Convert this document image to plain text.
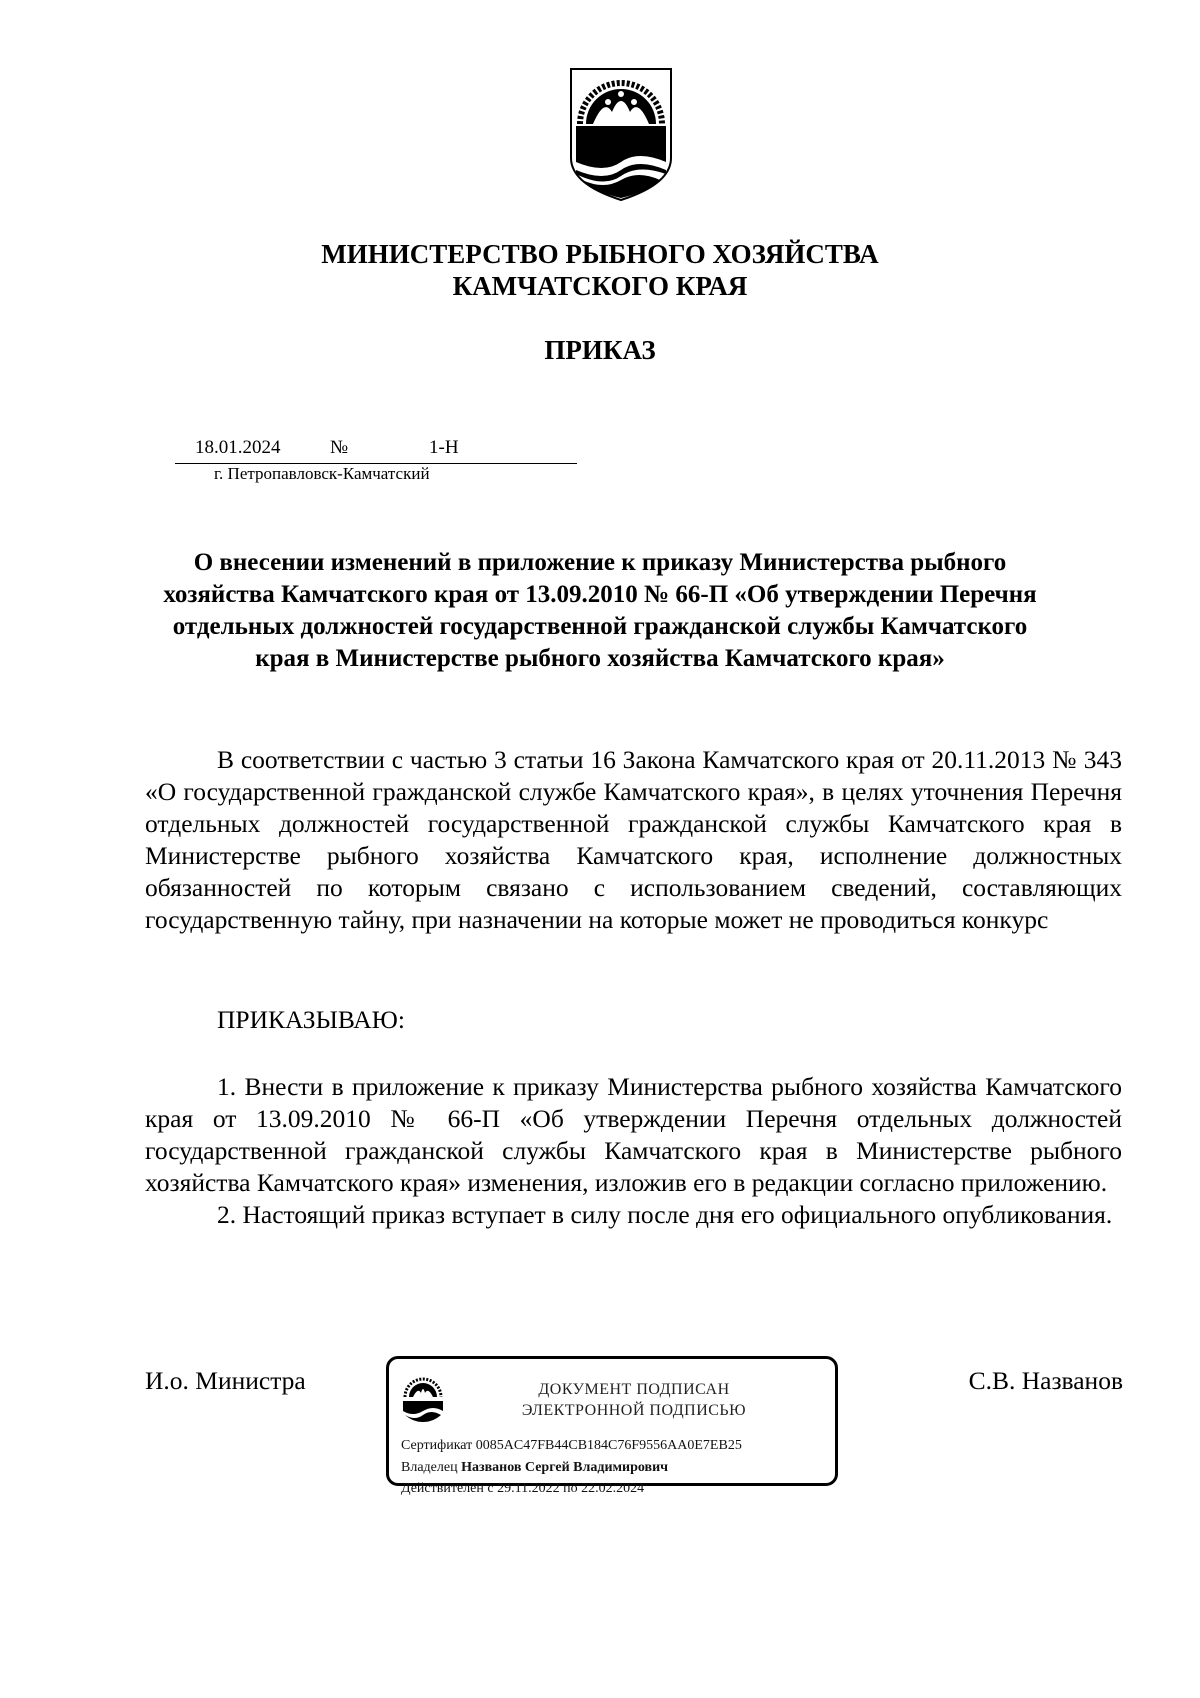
МИНИСТЕРСТВО РЫБНОГО ХОЗЯЙСТВА
КАМЧАТСКОГО КРАЯ
ПРИКАЗ
18.01.2024	№	1-Н
г. Петропавловск-Камчатский
О внесении изменений в приложение к приказу Министерства рыбного хозяйства Камчатского края от 13.09.2010 № 66-П «Об утверждении Перечня отдельных должностей государственной гражданской службы Камчатского края в Министерстве рыбного хозяйства Камчатского края»

В соответствии с частью 3 статьи 16 Закона Камчатского края от 20.11.2013 № 343 «О государственной гражданской службе Камчатского края», в целях уточнения Перечня отдельных должностей государственной гражданской службы Камчатского края в Министерстве рыбного хозяйства Камчатского края, исполнение должностных обязанностей по которым связано с использованием сведений, составляющих государственную тайну, при назначении на которые может не проводиться конкурс

ПРИКАЗЫВАЮ:

1. Внести в приложение к приказу Министерства рыбного хозяйства Камчатского края от 13.09.2010 № 66-П «Об утверждении Перечня отдельных должностей государственной гражданской службы Камчатского края в Министерстве рыбного хозяйства Камчатского края» изменения, изложив его в редакции согласно приложению.

2. Настоящий приказ вступает в силу после дня его официального опубликования.

И.о. Министра	С.В. Названов
ДОКУМЕНТ ПОДПИСАН
ЭЛЕКТРОННОЙ ПОДПИСЬЮ
Сертификат 0085AC47FB44CB184C76F9556AA0E7EB25
Владелец Названов Сергей Владимирович
Действителен с 29.11.2022 по 22.02.2024
